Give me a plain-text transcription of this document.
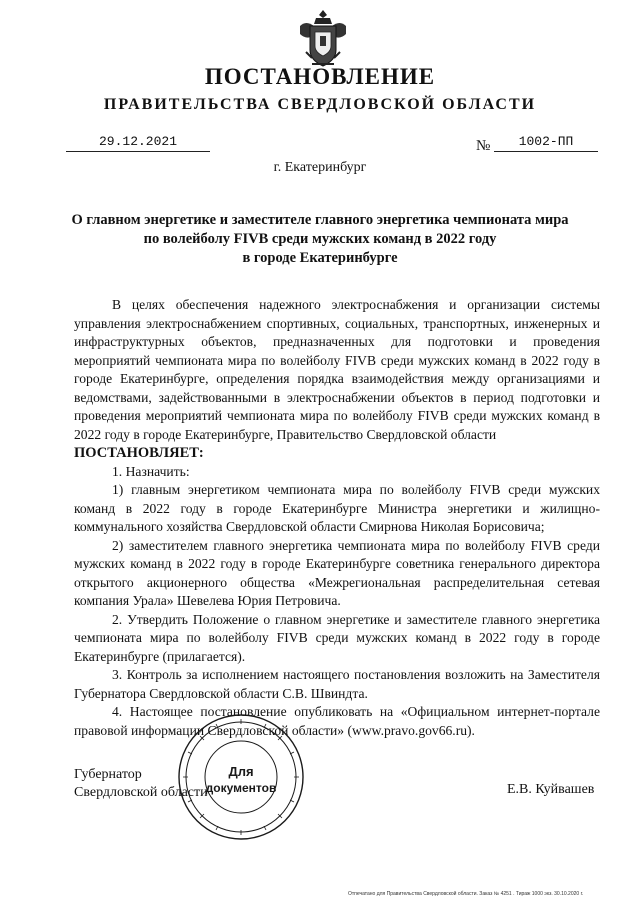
ПОСТАНОВЛЕНИЕ
ПРАВИТЕЛЬСТВА СВЕРДЛОВСКОЙ ОБЛАСТИ
29.12.2021	№	1002-ПП
г. Екатеринбург
О главном энергетике и заместителе главного энергетика чемпионата мира
по волейболу FIVB среди мужских команд в 2022 году
в городе Екатеринбурге

В целях обеспечения надежного электроснабжения и организации системы управления электроснабжением спортивных, социальных, транспортных, инженерных и инфраструктурных объектов, предназначенных для подготовки и проведения мероприятий чемпионата мира по волейболу FIVB среди мужских команд в 2022 году в городе Екатеринбурге, определения порядка взаимодействия между организациями и ведомствами, задействованными в электроснабжении объектов в период подготовки и проведения мероприятий чемпионата мира по волейболу FIVB среди мужских команд в 2022 году в городе Екатеринбурге, Правительство Свердловской области

ПОСТАНОВЛЯЕТ:

1. Назначить:

1) главным энергетиком чемпионата мира по волейболу FIVB среди мужских команд в 2022 году в городе Екатеринбурге Министра энергетики и жилищно-коммунального хозяйства Свердловской области Смирнова Николая Борисовича;

2) заместителем главного энергетика чемпионата мира по волейболу FIVB среди мужских команд в 2022 году в городе Екатеринбурге советника генерального директора открытого акционерного общества «Межрегиональная распределительная сетевая компания Урала» Шевелева Юрия Петровича.

2. Утвердить Положение о главном энергетике и заместителе главного энергетика чемпионата мира по волейболу FIVB среди мужских команд в 2022 году в городе Екатеринбурге (прилагается).

3. Контроль за исполнением настоящего постановления возложить на Заместителя Губернатора Свердловской области С.В. Швиндта.

4. Настоящее постановление опубликовать на «Официальном интернет-портале правовой информации Свердловской области» (www.pravo.gov66.ru).

Губернатор
Свердловской области
Для
документов	Е.В. Куйвашев
Отпечатано для Правительства Свердловской области. Заказ № 4251 . Тираж 1000 экз. 30.10.2020 г.
